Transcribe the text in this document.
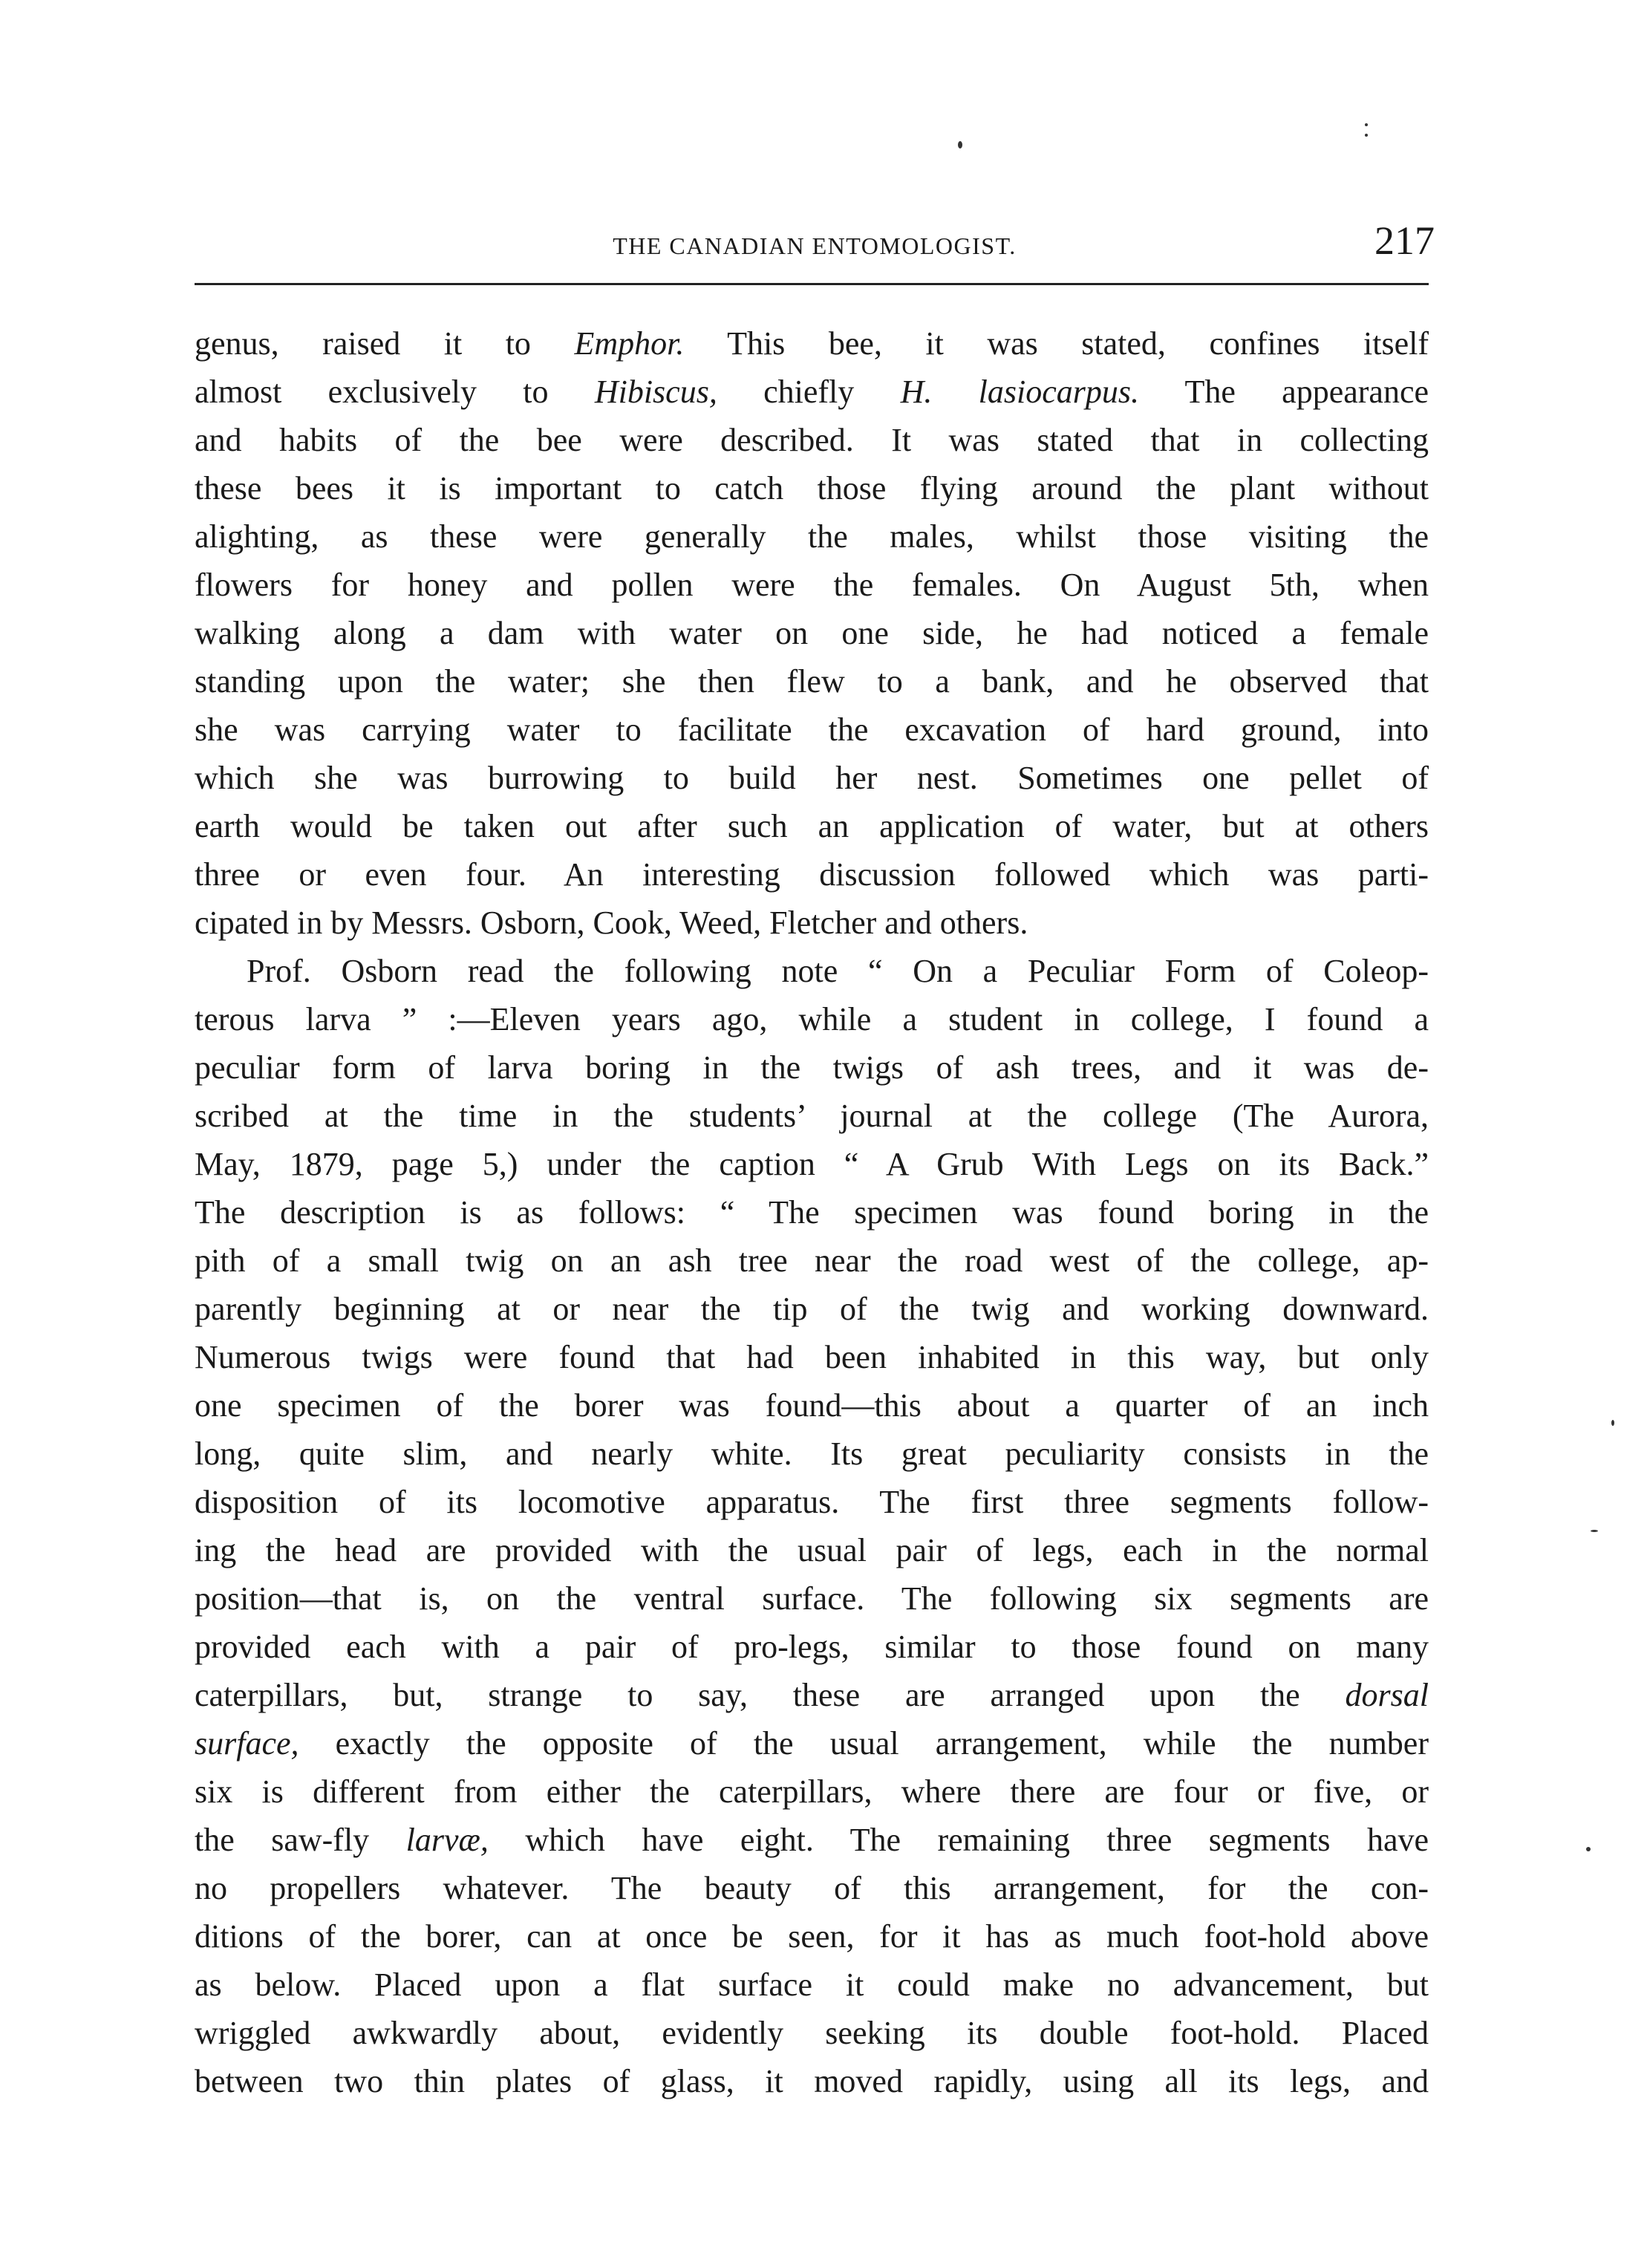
THE CANADIAN ENTOMOLOGIST.	217
genus, raised it to Emphor. This bee, it was stated, confines itself
almost exclusively to Hibiscus, chiefly H. lasiocarpus. The appearance
and habits of the bee were described. It was stated that in collecting
these bees it is important to catch those flying around the plant without
alighting, as these were generally the males, whilst those visiting the
flowers for honey and pollen were the females. On August 5th, when
walking along a dam with water on one side, he had noticed a female
standing upon the water; she then flew to a bank, and he observed that
she was carrying water to facilitate the excavation of hard ground, into
which she was burrowing to build her nest. Sometimes one pellet of
earth would be taken out after such an application of water, but at others
three or even four. An interesting discussion followed which was parti-
cipated in by Messrs. Osborn, Cook, Weed, Fletcher and others.
Prof. Osborn read the following note “ On a Peculiar Form of Coleop-
terous larva ” :—Eleven years ago, while a student in college, I found a
peculiar form of larva boring in the twigs of ash trees, and it was de-
scribed at the time in the students’ journal at the college (The Aurora,
May, 1879, page 5,) under the caption “ A Grub With Legs on its Back.”
The description is as follows: “ The specimen was found boring in the
pith of a small twig on an ash tree near the road west of the college, ap-
parently beginning at or near the tip of the twig and working downward.
Numerous twigs were found that had been inhabited in this way, but only
one specimen of the borer was found—this about a quarter of an inch
long, quite slim, and nearly white. Its great peculiarity consists in the
disposition of its locomotive apparatus. The first three segments follow-
ing the head are provided with the usual pair of legs, each in the normal
position—that is, on the ventral surface. The following six segments are
provided each with a pair of pro-legs, similar to those found on many
caterpillars, but, strange to say, these are arranged upon the dorsal
surface, exactly the opposite of the usual arrangement, while the number
six is different from either the caterpillars, where there are four or five, or
the saw-fly larvæ, which have eight. The remaining three segments have
no propellers whatever. The beauty of this arrangement, for the con-
ditions of the borer, can at once be seen, for it has as much foot-hold above
as below. Placed upon a flat surface it could make no advancement, but
wriggled awkwardly about, evidently seeking its double foot-hold. Placed
between two thin plates of glass, it moved rapidly, using all its legs, and
